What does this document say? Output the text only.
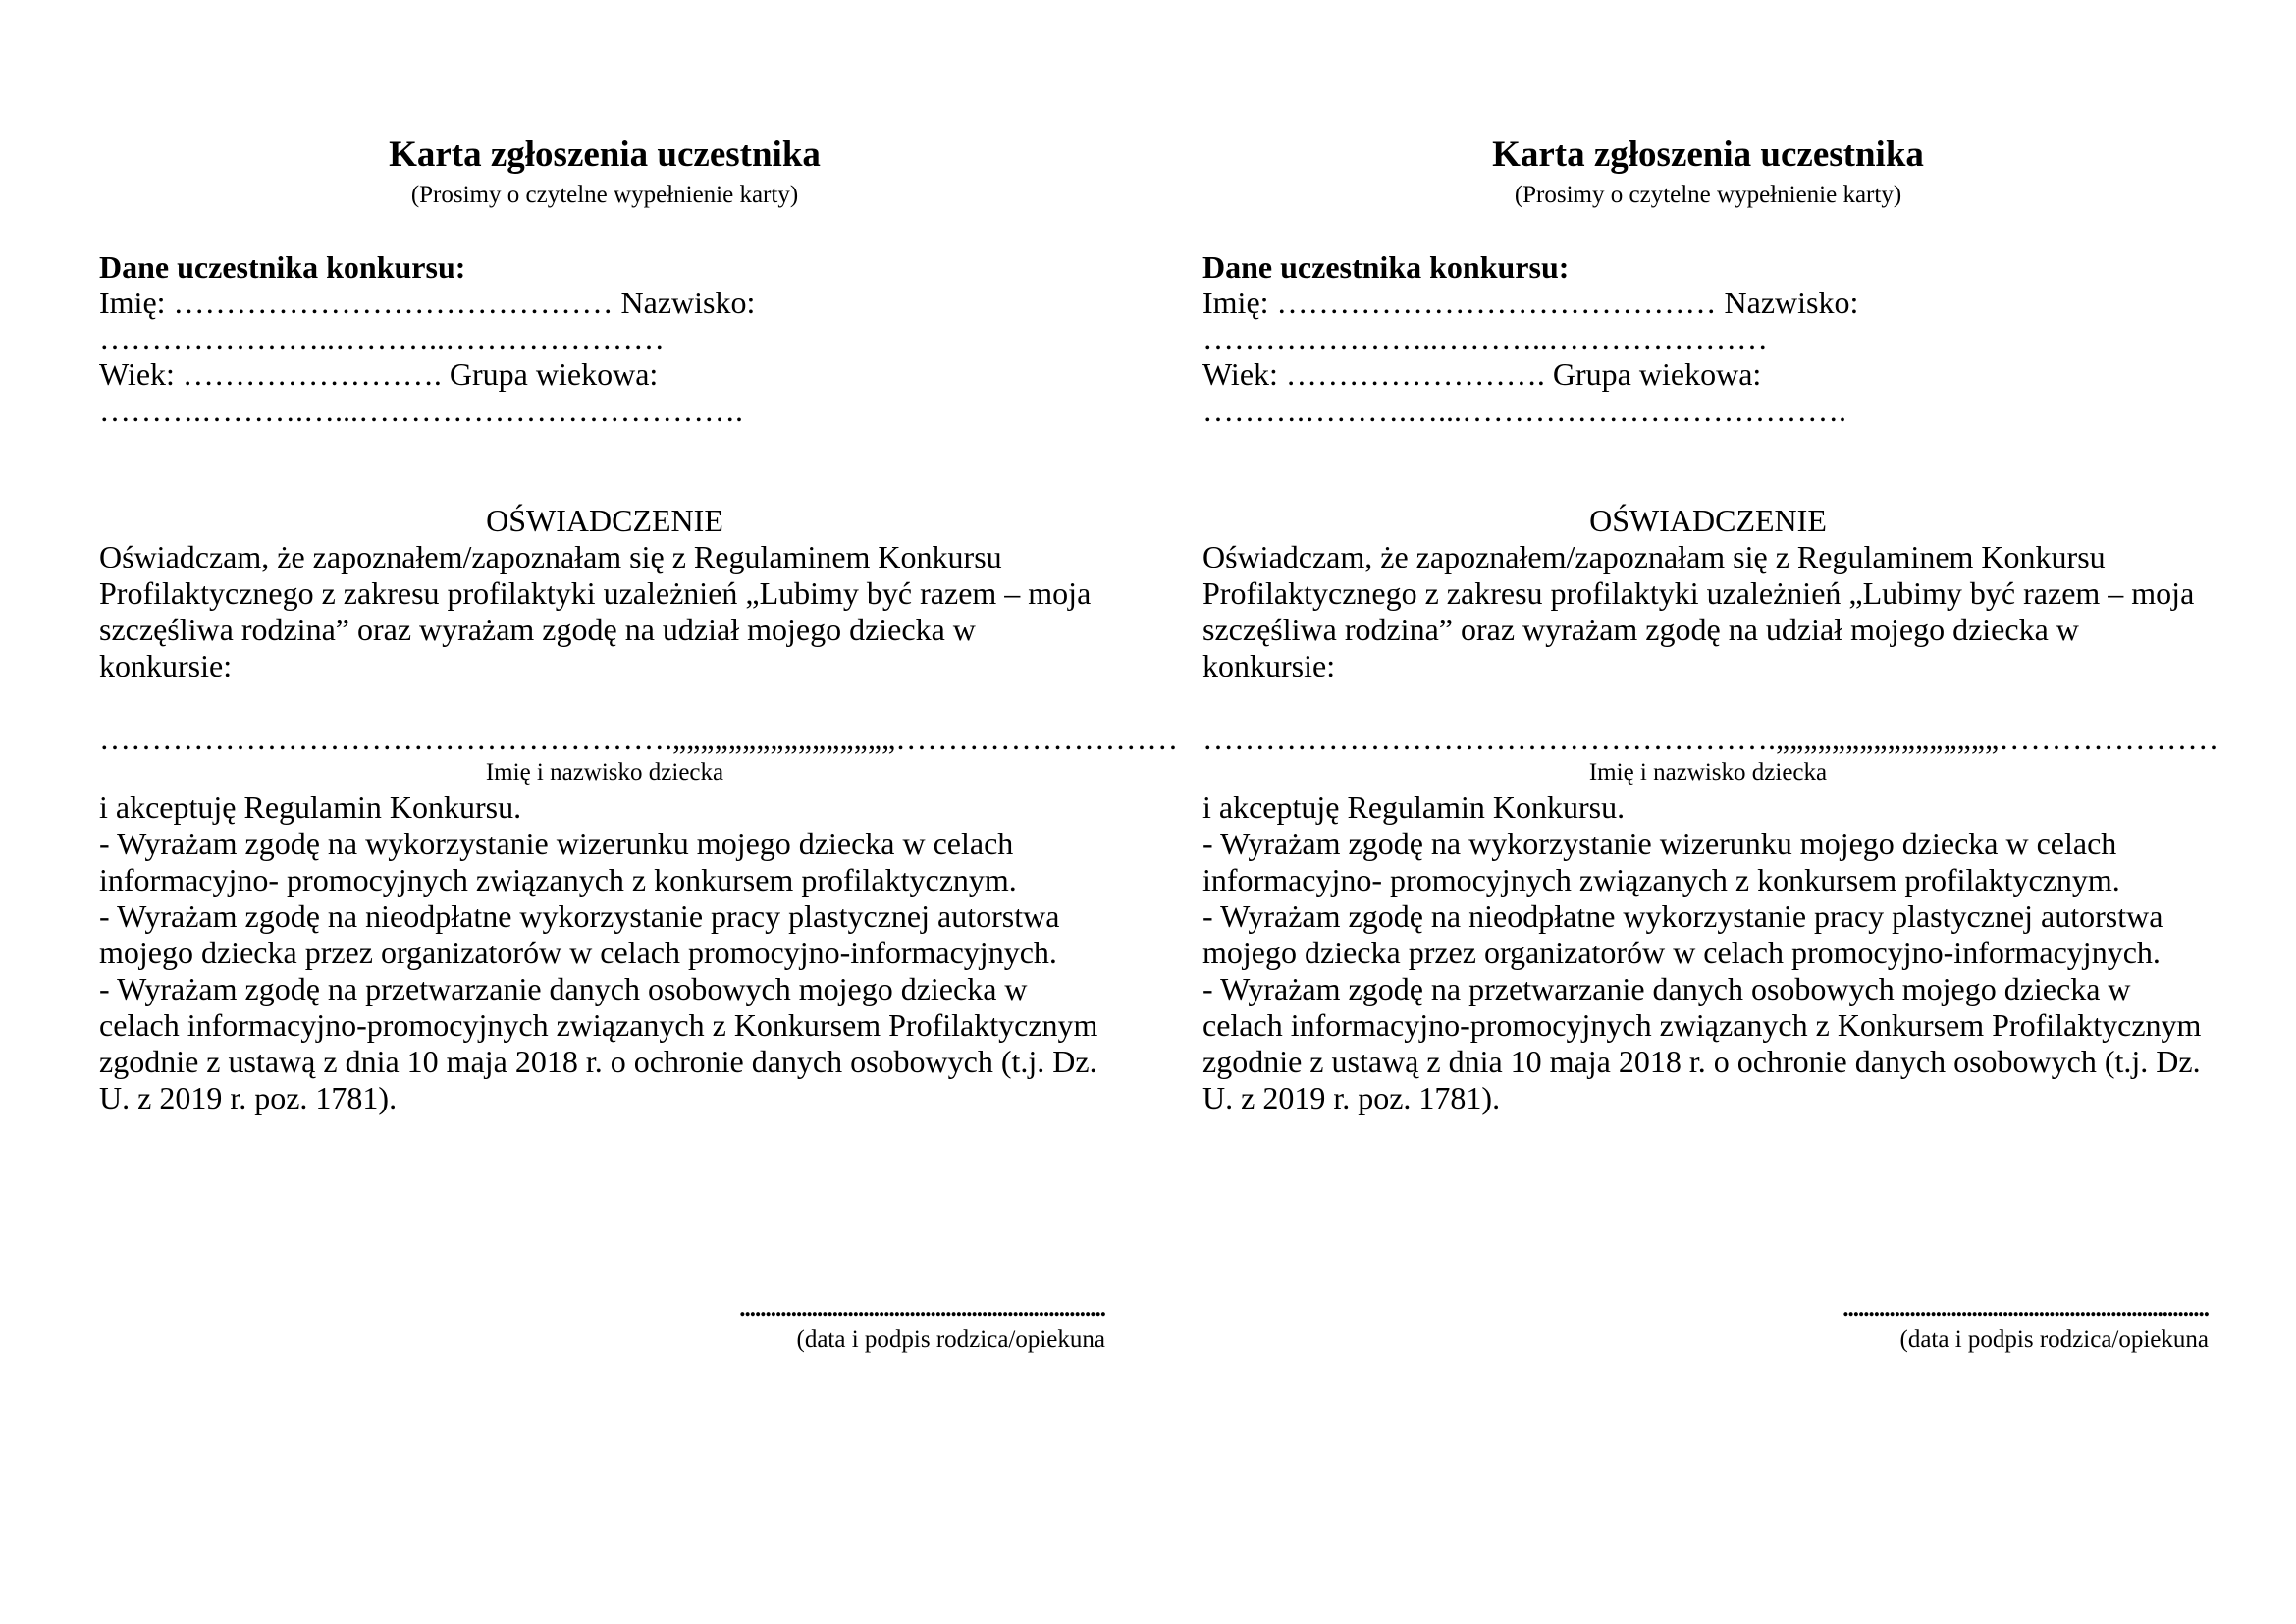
Karta zgłoszenia uczestnika
(Prosimy o czytelne wypełnienie karty)
Dane uczestnika konkursu:
Imię: …………………………………… Nazwisko:
…………………..………..…………………
Wiek: ……………………. Grupa wiekowa:
……….……….…...……………………………….
OŚWIADCZENIE
Oświadczam, że zapoznałem/zapoznałam się z Regulaminem Konkursu
Profilaktycznego z zakresu profilaktyki uzależnień „Lubimy być razem – moja
szczęśliwa rodzina” oraz wyrażam zgodę na udział mojego dziecka w
konkursie:
……………………………………………….„„„„„„„„„„„„„„„„………………………
Imię i nazwisko dziecka
i akceptuję Regulamin Konkursu.
- Wyrażam zgodę na wykorzystanie wizerunku mojego dziecka w celach
informacyjno- promocyjnych związanych z konkursem profilaktycznym.
- Wyrażam zgodę na nieodpłatne wykorzystanie pracy plastycznej autorstwa
mojego dziecka przez organizatorów w celach promocyjno-informacyjnych.
- Wyrażam zgodę na przetwarzanie danych osobowych mojego dziecka w
celach informacyjno-promocyjnych związanych z Konkursem Profilaktycznym
zgodnie z ustawą z dnia 10 maja 2018 r. o ochronie danych osobowych (t.j. Dz.
U. z 2019 r. poz. 1781).
.......................................................................
(data i podpis rodzica/opiekuna
Karta zgłoszenia uczestnika
(Prosimy o czytelne wypełnienie karty)
Dane uczestnika konkursu:
Imię: …………………………………… Nazwisko:
…………………..………..…………………
Wiek: ……………………. Grupa wiekowa:
……….……….…...……………………………….
OŚWIADCZENIE
Oświadczam, że zapoznałem/zapoznałam się z Regulaminem Konkursu
Profilaktycznego z zakresu profilaktyki uzależnień „Lubimy być razem – moja
szczęśliwa rodzina” oraz wyrażam zgodę na udział mojego dziecka w
konkursie:
……………………………………………….„„„„„„„„„„„„„„„„…………………
Imię i nazwisko dziecka
i akceptuję Regulamin Konkursu.
- Wyrażam zgodę na wykorzystanie wizerunku mojego dziecka w celach
informacyjno- promocyjnych związanych z konkursem profilaktycznym.
- Wyrażam zgodę na nieodpłatne wykorzystanie pracy plastycznej autorstwa
mojego dziecka przez organizatorów w celach promocyjno-informacyjnych.
- Wyrażam zgodę na przetwarzanie danych osobowych mojego dziecka w
celach informacyjno-promocyjnych związanych z Konkursem Profilaktycznym
zgodnie z ustawą z dnia 10 maja 2018 r. o ochronie danych osobowych (t.j. Dz.
U. z 2019 r. poz. 1781).
.......................................................................
(data i podpis rodzica/opiekuna
